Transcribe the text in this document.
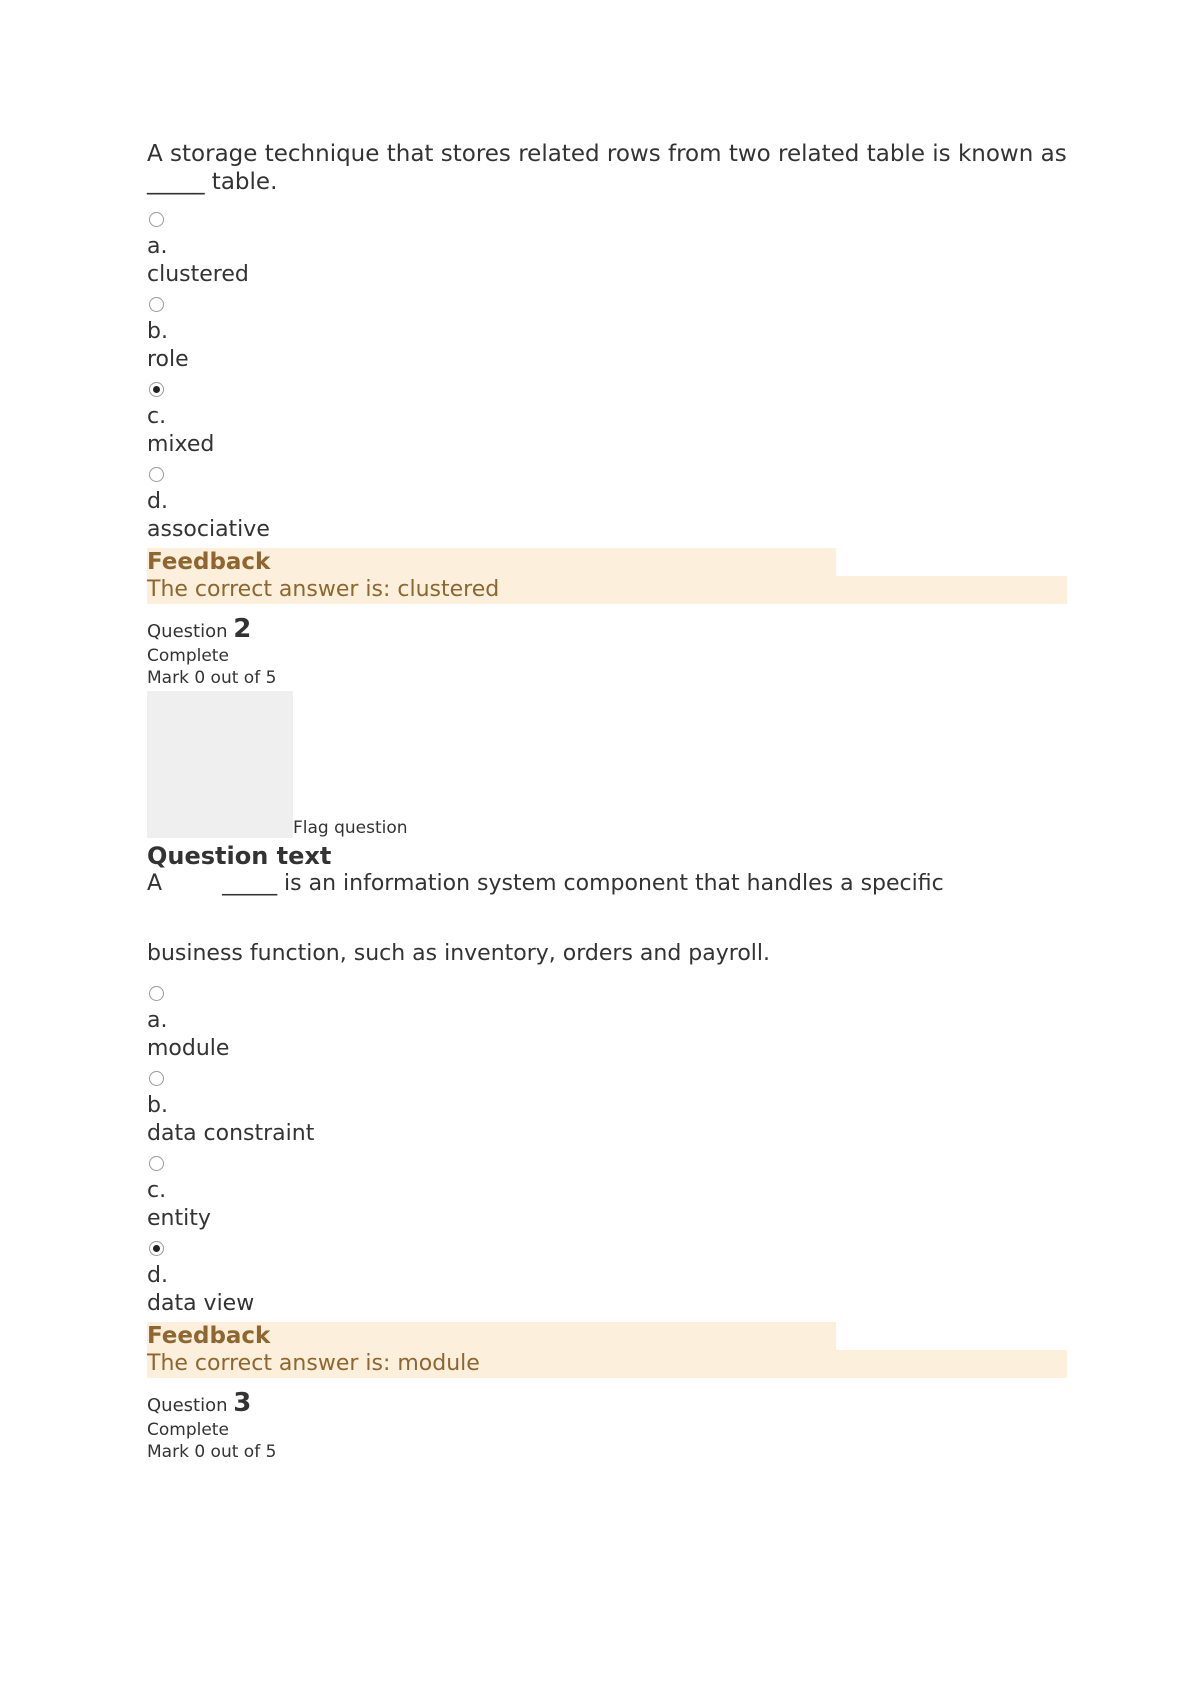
A storage technique that stores related rows from two related table is known as _____ table.
a.
clustered
b.
role
c.
mixed
d.
associative
Feedback
The correct answer is: clustered
Question 2
Complete
Mark 0 out of 5
Flag question
Question text
A	_____ is an information system component that handles a specific
business function, such as inventory, orders and payroll.
a.
module
b.
data constraint
c.
entity
d.
data view
Feedback
The correct answer is: module
Question 3
Complete
Mark 0 out of 5
